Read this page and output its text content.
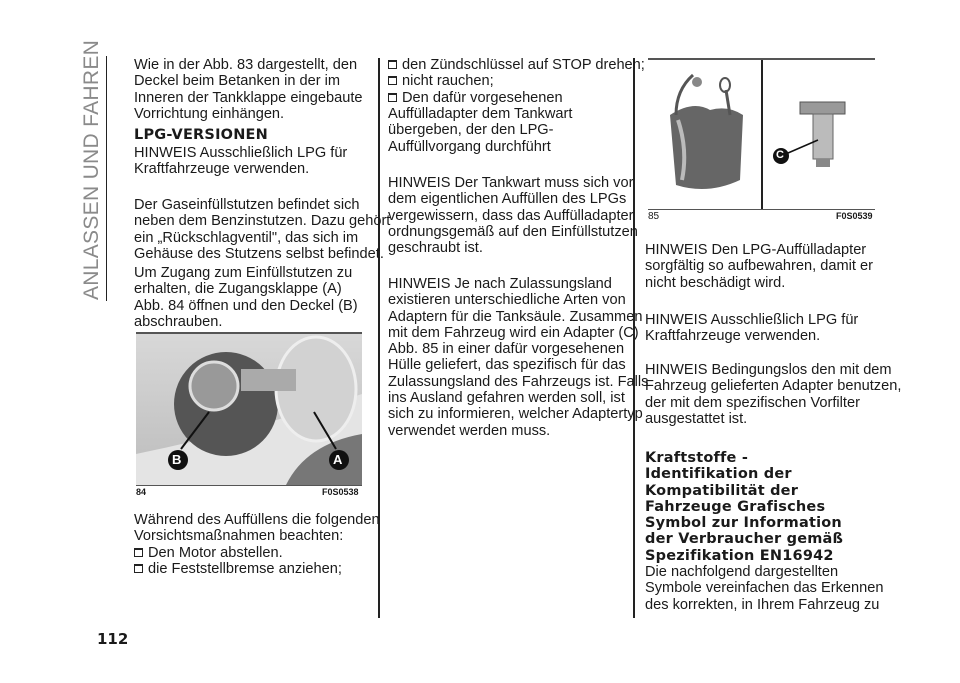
ANLASSEN UND FAHREN Wie in der Abb. 83 dargestellt, den
Deckel beim Betanken in der im
Inneren der Tankklappe eingebaute
Vorrichtung einhängen.
LPG-VERSIONEN
HINWEIS Ausschließlich LPG für
Kraftfahrzeuge verwenden.
Der Gaseinfüllstutzen befindet sich
neben dem Benzinstutzen. Dazu gehört
ein „Rückschlagventil", das sich im
Gehäuse des Stutzens selbst befindet.
Um Zugang zum Einfüllstutzen zu
erhalten, die Zugangsklappe (A)
Abb. 84 öffnen und den Deckel (B)
abschrauben.
B	A
84	F0S0538
Während des Auffüllens die folgenden
Vorsichtsmaßnahmen beachten:
Den Motor abstellen.
die Feststellbremse anziehen;
den Zündschlüssel auf STOP drehen;
nicht rauchen;
Den dafür vorgesehenen
Auffülladapter dem Tankwart
übergeben, der den LPG-
Auffüllvorgang durchführt
HINWEIS Der Tankwart muss sich vor
dem eigentlichen Auffüllen des LPGs
vergewissern, dass das Auffülladapter
ordnungsgemäß auf den Einfüllstutzen
geschraubt ist.
HINWEIS Je nach Zulassungsland
existieren unterschiedliche Arten von
Adaptern für die Tanksäule. Zusammen
mit dem Fahrzeug wird ein Adapter (C)
Abb. 85 in einer dafür vorgesehenen
Hülle geliefert, das spezifisch für das
Zulassungsland des Fahrzeugs ist. Falls
ins Ausland gefahren werden soll, ist
sich zu informieren, welcher Adaptertyp
verwendet werden muss.
C
85	F0S0539
HINWEIS Den LPG-Auffülladapter
sorgfältig so aufbewahren, damit er
nicht beschädigt wird.
HINWEIS Ausschließlich LPG für
Kraftfahrzeuge verwenden.
HINWEIS Bedingungslos den mit dem
Fahrzeug gelieferten Adapter benutzen,
der mit dem spezifischen Vorfilter
ausgestattet ist.
Kraftstoffe -
Identifikation der
Kompatibilität der
Fahrzeuge Grafisches
Symbol zur Information
der Verbraucher gemäß
Spezifikation EN16942
Die nachfolgend dargestellten
Symbole vereinfachen das Erkennen
des korrekten, in Ihrem Fahrzeug zu
112
